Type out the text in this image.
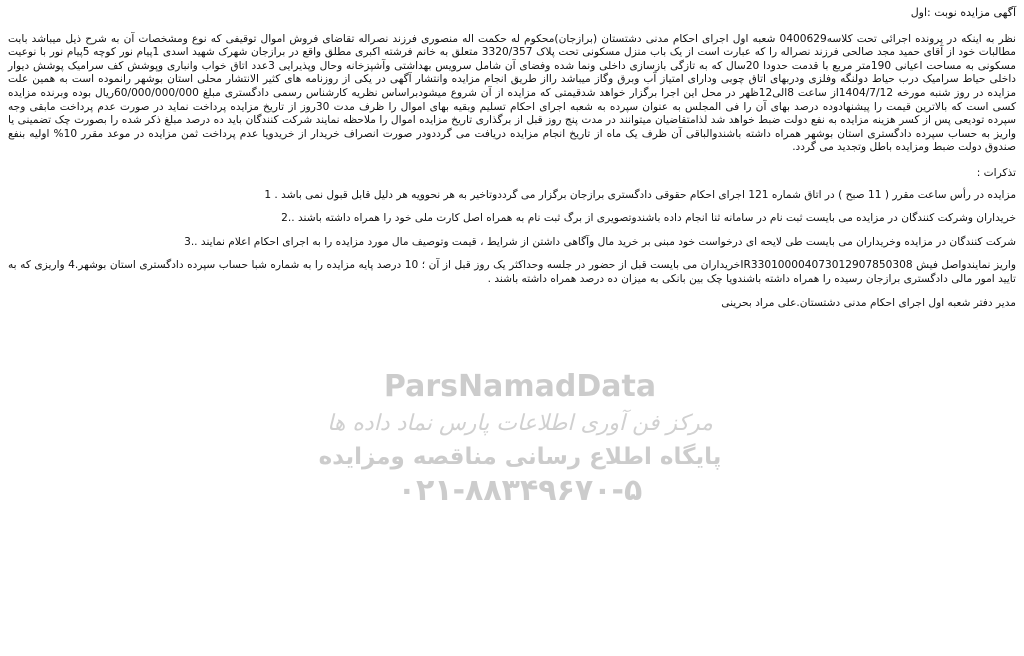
آگهی مزایده نوبت :اول

نظر به اینکه در پرونده اجرائی تحت کلاسه0400629 شعبه اول اجرای احکام مدنی دشتستان (برازجان)محکوم له حکمت اله منصوری فرزند نصراله تقاضای فروش اموال توقیفی که نوع ومشخصات آن به شرح ذیل میباشد بابت مطالبات خود از آقای حمید مجد صالحی فرزند نصراله را که عبارت است از یک باب منزل مسکونی تحت پلاک 3320/357 متعلق به خانم فرشته اکبری مطلق واقع در برازجان شهرک شهید اسدی 1پیام نور کوچه 5پیام نور با نوعیت مسکونی به مساحت اعیانی 190متر مربع با قدمت حدودا 20سال که به تازگی بازسازی داخلی ونما شده وفضای آن شامل سرویس بهداشتی وآشپزخانه وحال وپذیرایی 3عدد اتاق خواب وانباری وپوشش کف سرامیک پوشش دیوار داخلی حیاط سرامیک درب حیاط دولنگه وفلزی ودربهای اتاق چوبی ودارای امتیاز آب وبرق وگاز میباشد رااز طریق انجام مزایده وانتشار آگهی در یکی از روزنامه های کثیر الانتشار محلی استان بوشهر رانموده است به همین علت مزایده در روز شنبه مورخه 1404/7/12از ساعت 8الی12ظهر در محل این اجرا برگزار خواهد شدقیمتی که مزایده از آن شروع میشودبراساس نظریه کارشناس رسمی دادگستری مبلغ 60/000/000/000ریال بوده وبرنده مزایده کسی است که بالاترین قیمت را پیشنهادوده درصد بهای آن را فی المجلس به عنوان سپرده به شعبه اجرای احکام تسلیم وبقیه بهای اموال را ظرف مدت 30روز از تاریخ مزایده پرداخت نماید در صورت عدم پرداخت مابقی وجه سپرده تودیعی پس از کسر هزینه مزایده به نفع دولت ضبط خواهد شد لذامتقاضیان میتوانند در مدت پنج روز قبل از برگذاری تاریخ مزایده اموال را ملاحظه نمایند شرکت کنندگان باید ده درصد مبلغ ذکر شده را بصورت چک تضمینی یا واریز به حساب سپرده دادگستری استان بوشهر همراه داشته باشندوالباقی آن ظرف یک ماه از تاریخ انجام مزایده دریافت می گرددودر صورت انصراف خریدار از خریدویا عدم پرداخت ثمن مزایده در موعد مقرر 10% اولیه بنفع صندوق دولت ضبط ومزایده باطل وتجدید می گردد.

تذکرات :

مزایده در رأس ساعت مقرر ( 11 صبح ) در اتاق شماره 121 اجرای احکام حقوقی دادگستری برازجان برگزار می گرددوتاخیر به هر نحوویه هر دلیل قابل قبول نمی باشد . 1

خریداران وشرکت کنندگان در مزایده می بایست ثبت نام در سامانه ثنا انجام داده باشندوتصویری از برگ ثبت نام به همراه اصل کارت ملی خود را همراه داشته باشند ..2

شرکت کنندگان در مزایده وخریداران می بایست طی لایحه ای درخواست خود مبنی بر خرید مال وآگاهی داشتن از شرایط ، قیمت وتوصیف مال مورد مزایده را به اجرای احکام اعلام نمایند ..3

واریز نمایندواصل فیش IR330100004073012907850308خریداران می بایست قبل از حضور در جلسه وحداکثر یک روز قبل از آن ؛ 10 درصد پایه مزایده را به شماره شبا حساب سپرده دادگستری استان بوشهر.4 واریزی که به تایید امور مالی دادگستری برازجان رسیده را همراه داشته باشندویا چک بین بانکی به میزان ده درصد همراه داشته باشند .

مدیر دفتر شعبه اول اجرای احکام مدنی دشتستان.علی مراد بحرینی

ParsNamadData
مرکز فن آوری اطلاعات پارس نماد داده ها
پایگاه اطلاع رسانی مناقصه ومزایده
۰۲۱-۸۸۳۴۹۶۷۰-۵
